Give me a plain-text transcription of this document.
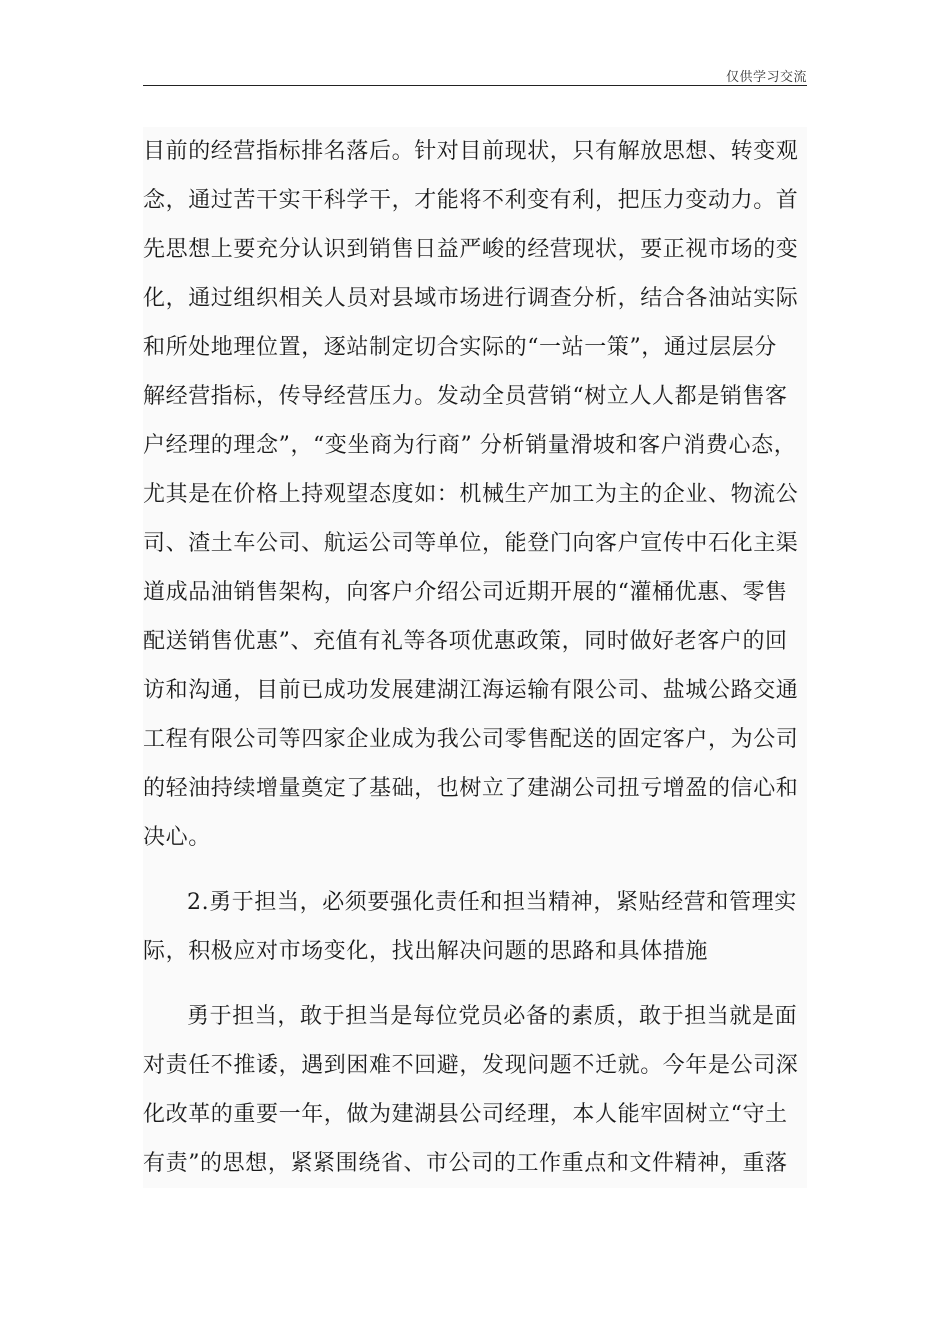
仅供学习交流
目前的经营指标排名落后。针对目前现状，只有解放思想、转变观
念，通过苦干实干科学干，才能将不利变有利，把压力变动力。首
先思想上要充分认识到销售日益严峻的经营现状，要正视市场的变
化，通过组织相关人员对县域市场进行调查分析，结合各油站实际
和所处地理位置，逐站制定切合实际的“一站一策”，通过层层分
解经营指标，传导经营压力。发动全员营销“树立人人都是销售客
户经理的理念”，“变坐商为行商” 分析销量滑坡和客户消费心态，
尤其是在价格上持观望态度如：机械生产加工为主的企业、物流公
司、渣土车公司、航运公司等单位，能登门向客户宣传中石化主渠
道成品油销售架构，向客户介绍公司近期开展的“灌桶优惠、零售
配送销售优惠”、充值有礼等各项优惠政策，同时做好老客户的回
访和沟通，目前已成功发展建湖江海运输有限公司、盐城公路交通
工程有限公司等四家企业成为我公司零售配送的固定客户，为公司
的轻油持续增量奠定了基础，也树立了建湖公司扭亏增盈的信心和
决心。
2.勇于担当，必须要强化责任和担当精神，紧贴经营和管理实
际，积极应对市场变化，找出解决问题的思路和具体措施
勇于担当，敢于担当是每位党员必备的素质，敢于担当就是面
对责任不推诿，遇到困难不回避，发现问题不迁就。今年是公司深
化改革的重要一年，做为建湖县公司经理，本人能牢固树立“守土
有责”的思想，紧紧围绕省、市公司的工作重点和文件精神，重落
